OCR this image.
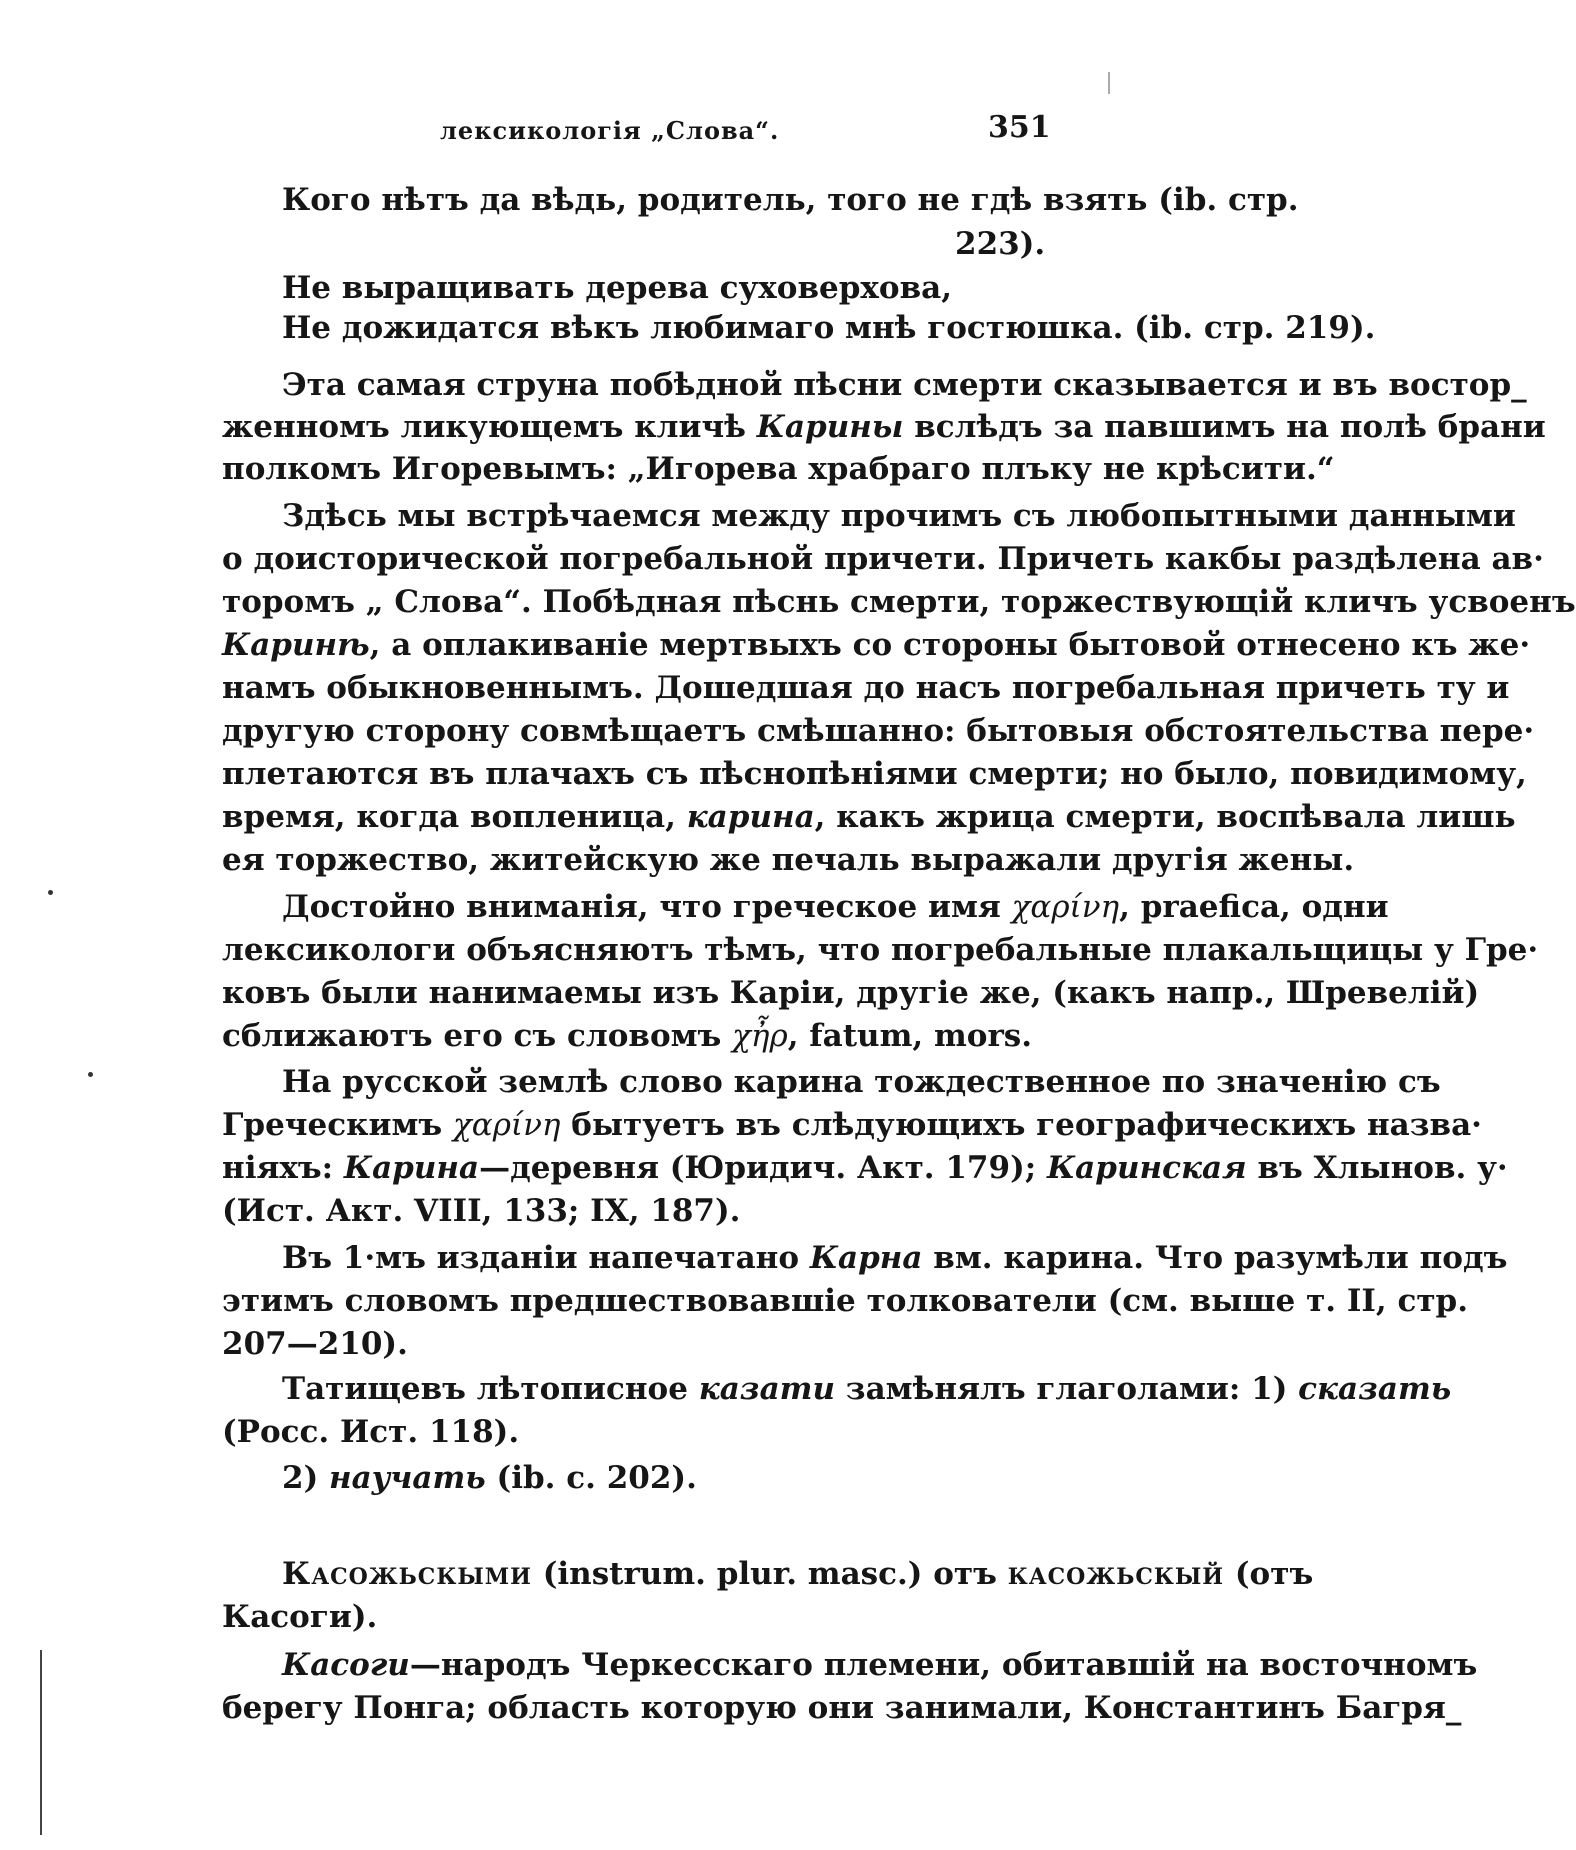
лексикологія „Слова“.	351
Кого нѣтъ да вѣдь, родитель, того не гдѣ взять (ib. стр.
223).
Не выращивать дерева суховерхова,
Не дожидатся вѣкъ любимаго мнѣ гостюшка. (ib. стр. 219).
Эта самая струна побѣдной пѣсни смерти сказывается и въ востор_
женномъ ликующемъ кличѣ Карины вслѣдъ за павшимъ на полѣ брани
полкомъ Игоревымъ: „Игорева храбраго плъку не крѣсити.“
Здѣсь мы встрѣчаемся между прочимъ съ любопытными данными
о доисторической погребальной причети. Причеть какбы раздѣлена ав·
торомъ „ Слова“. Побѣдная пѣснь смерти, торжествующій кличъ усвоенъ
Каринѣ, а оплакиваніе мертвыхъ со стороны бытовой отнесено къ же·
намъ обыкновеннымъ. Дошедшая до насъ погребальная причеть ту и
другую сторону совмѣщаетъ смѣшанно: бытовыя обстоятельства пере·
плетаются въ плачахъ съ пѣснопѣніями смерти; но было, повидимому,
время, когда вопленица, карина, какъ жрица смерти, воспѣвала лишь
ея торжество, житейскую же печаль выражали другія жены.
Достойно вниманія, что греческое имя χαρίνη, praefica, одни
лексикологи объясняютъ тѣмъ, что погребальные плакальщицы у Гре·
ковъ были нанимаемы изъ Каріи, другіе же, (какъ напр., Шревелій)
сближаютъ его съ словомъ χἦρ, fatum, mors.
На русской землѣ слово карина тождественное по значенію съ
Греческимъ χαρίνη бытуетъ въ слѣдующихъ географическихъ назва·
ніяхъ: Карина—деревня (Юридич. Акт. 179); Каринская въ Хлынов. у·
(Ист. Акт. VIII, 133; IX, 187).
Въ 1·мъ изданіи напечатано Карна вм. карина. Что разумѣли подъ
этимъ словомъ предшествовавшіе толкователи (см. выше т. II, стр.
207—210).
Татищевъ лѣтописное казати замѣнялъ глаголами: 1) сказать
(Росс. Ист. 118).
2) научать (ib. с. 202).
Касожьскыми (instrum. plur. masc.) отъ касожьскый (отъ
Касоги).
Касоги—народъ Черкесскаго племени, обитавшій на восточномъ
берегу Понга; область которую они занимали, Константинъ Багря_
